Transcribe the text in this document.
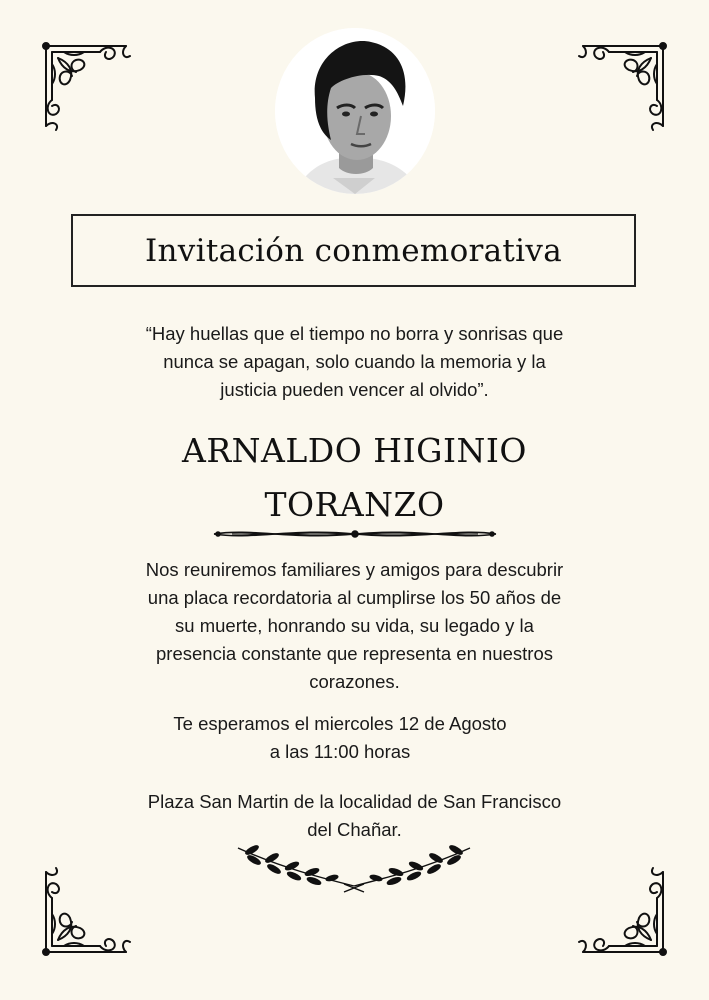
Invitación conmemorativa
“Hay huellas que el tiempo no borra y sonrisas que
nunca se apagan, solo cuando la memoria y la
justicia pueden vencer al olvido”.
ARNALDO HIGINIO
TORANZO
Nos reuniremos familiares y amigos para descubrir
una placa recordatoria al cumplirse los 50 años de
su muerte, honrando su vida, su legado y la
presencia constante que representa en nuestros
corazones.
Te esperamos el miercoles 12 de Agosto
a las 11:00 horas
Plaza San Martin de la localidad de San Francisco
del Chañar.
